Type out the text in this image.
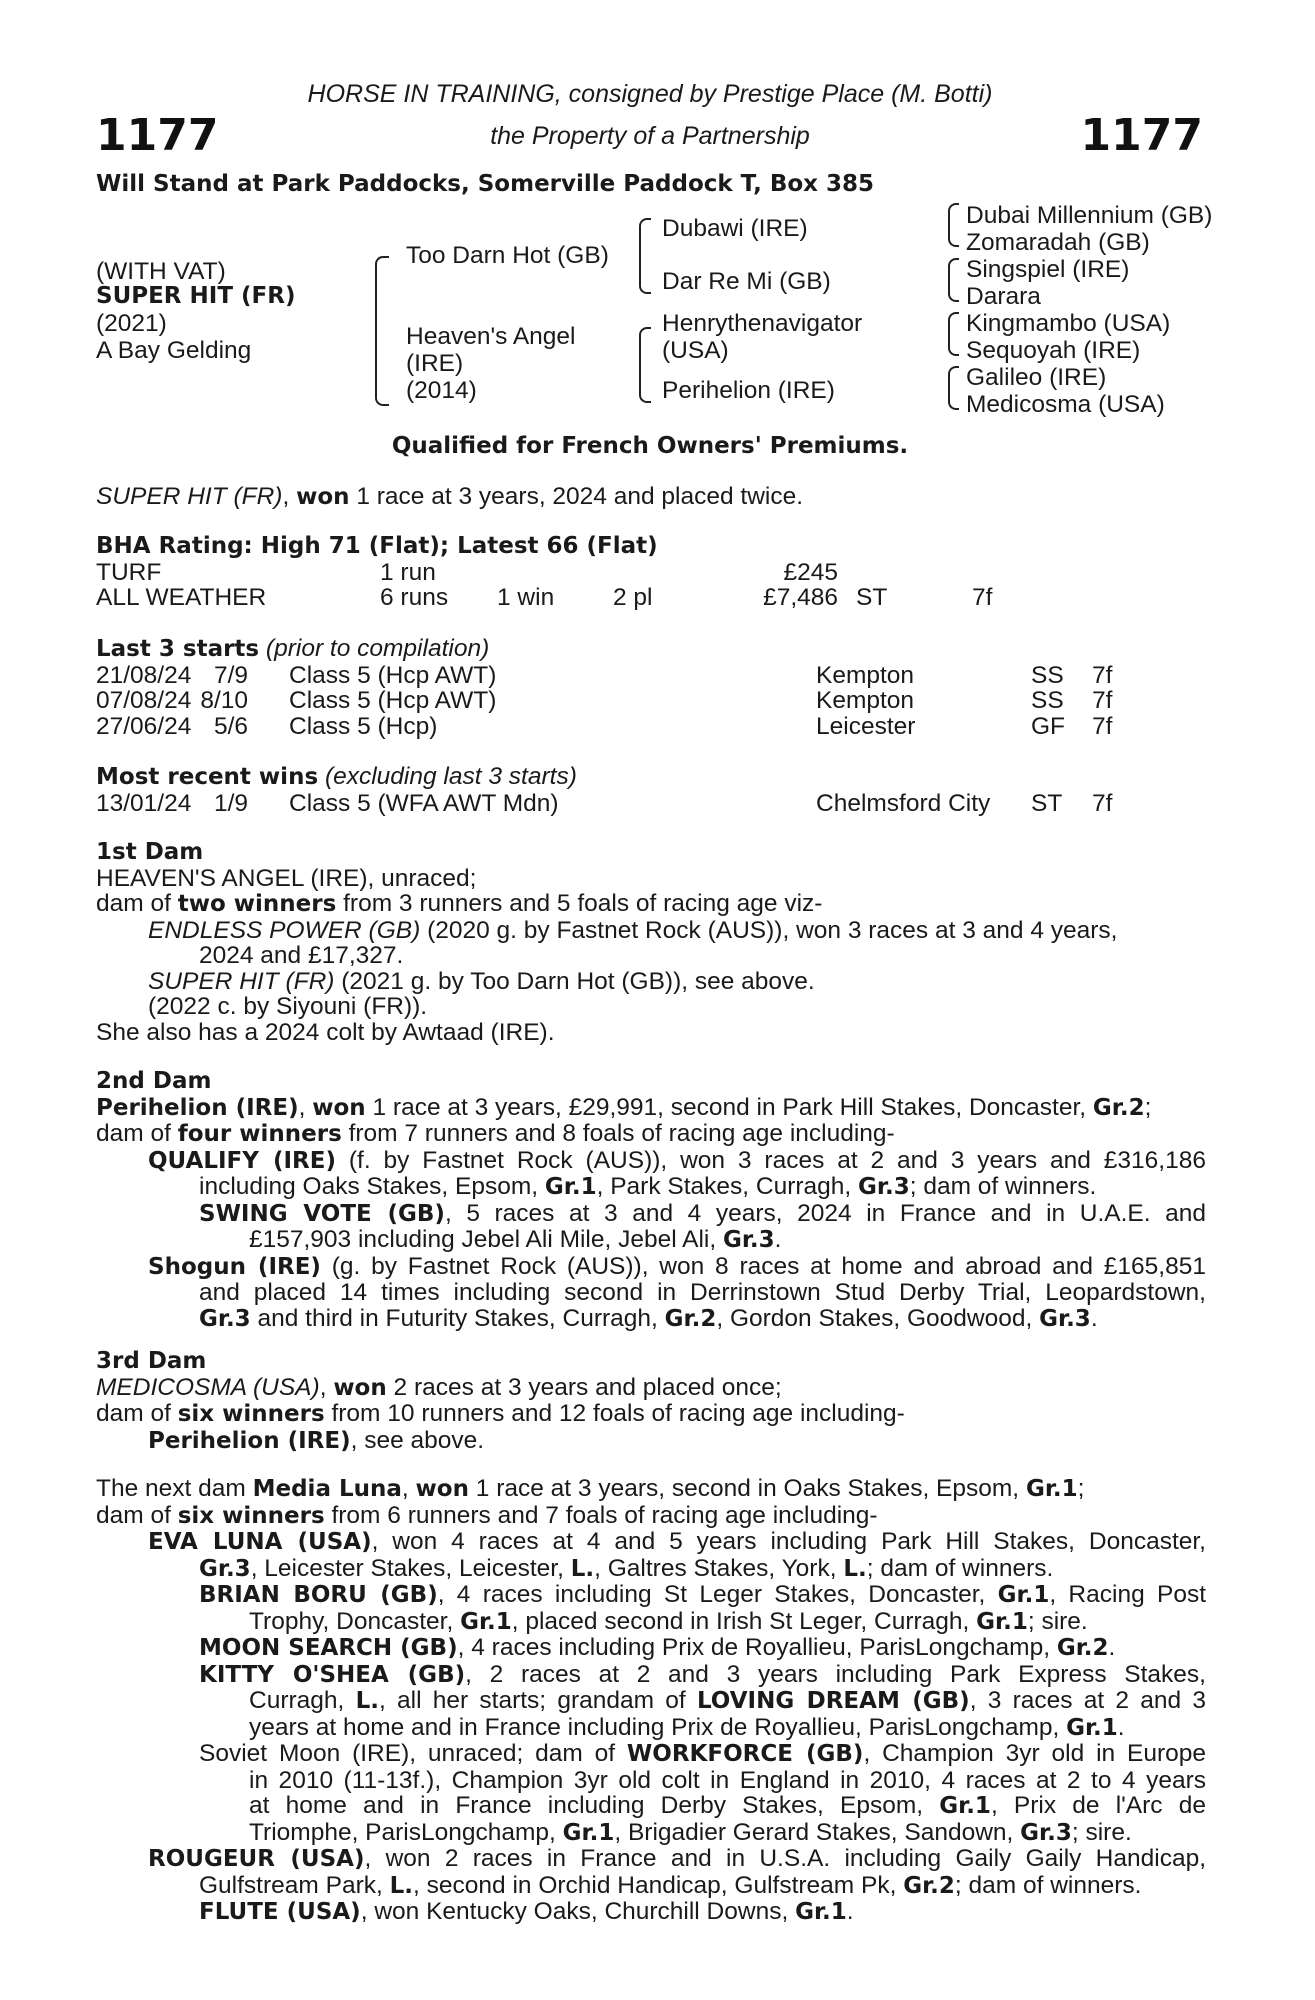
1177	1177
HORSE IN TRAINING, consigned by Prestige Place (M. Botti)
the Property of a Partnership
Will Stand at Park Paddocks, Somerville Paddock T, Box 385
(WITH VAT)
SUPER HIT (FR)
(2021)
A Bay Gelding
Too Darn Hot (GB)
Heaven's Angel
(IRE)
(2014)
Dubawi (IRE)
Dar Re Mi (GB)
Henrythenavigator
(USA)
Perihelion (IRE)
Dubai Millennium (GB)
Zomaradah (GB)
Singspiel (IRE)
Darara
Kingmambo (USA)
Sequoyah (IRE)
Galileo (IRE)
Medicosma (USA)
Qualified for French Owners' Premiums.
SUPER HIT (FR), won 1 race at 3 years, 2024 and placed twice.
BHA Rating: High 71 (Flat); Latest 66 (Flat)
TURF	1 run	£245
ALL WEATHER	6 runs 1 win 2 pl	£7,486 ST	7f
Last 3 starts (prior to compilation)
21/08/24 7/9 Class 5 (Hcp AWT)	Kempton	SS 7f
07/08/24 8/10 Class 5 (Hcp AWT)	Kempton	SS 7f
27/06/24 5/6 Class 5 (Hcp)	Leicester	GF 7f
Most recent wins (excluding last 3 starts)
13/01/24 1/9 Class 5 (WFA AWT Mdn)	Chelmsford City ST 7f
1st Dam
HEAVEN'S ANGEL (IRE), unraced;
dam of two winners from 3 runners and 5 foals of racing age viz-
ENDLESS POWER (GB) (2020 g. by Fastnet Rock (AUS)), won 3 races at 3 and 4 years,
2024 and £17,327.
SUPER HIT (FR) (2021 g. by Too Darn Hot (GB)), see above.
(2022 c. by Siyouni (FR)).
She also has a 2024 colt by Awtaad (IRE).
2nd Dam
Perihelion (IRE), won 1 race at 3 years, £29,991, second in Park Hill Stakes, Doncaster, Gr.2;
dam of four winners from 7 runners and 8 foals of racing age including-
QUALIFY (IRE) (f. by Fastnet Rock (AUS)), won 3 races at 2 and 3 years and £316,186
including Oaks Stakes, Epsom, Gr.1, Park Stakes, Curragh, Gr.3; dam of winners.
SWING VOTE (GB), 5 races at 3 and 4 years, 2024 in France and in U.A.E. and
£157,903 including Jebel Ali Mile, Jebel Ali, Gr.3.
Shogun (IRE) (g. by Fastnet Rock (AUS)), won 8 races at home and abroad and £165,851
and placed 14 times including second in Derrinstown Stud Derby Trial, Leopardstown,
Gr.3 and third in Futurity Stakes, Curragh, Gr.2, Gordon Stakes, Goodwood, Gr.3.
3rd Dam
MEDICOSMA (USA), won 2 races at 3 years and placed once;
dam of six winners from 10 runners and 12 foals of racing age including-
Perihelion (IRE), see above.
The next dam Media Luna, won 1 race at 3 years, second in Oaks Stakes, Epsom, Gr.1;
dam of six winners from 6 runners and 7 foals of racing age including-
EVA LUNA (USA), won 4 races at 4 and 5 years including Park Hill Stakes, Doncaster,
Gr.3, Leicester Stakes, Leicester, L., Galtres Stakes, York, L.; dam of winners.
BRIAN BORU (GB), 4 races including St Leger Stakes, Doncaster, Gr.1, Racing Post
Trophy, Doncaster, Gr.1, placed second in Irish St Leger, Curragh, Gr.1; sire.
MOON SEARCH (GB), 4 races including Prix de Royallieu, ParisLongchamp, Gr.2.
KITTY O'SHEA (GB), 2 races at 2 and 3 years including Park Express Stakes,
Curragh, L., all her starts; grandam of LOVING DREAM (GB), 3 races at 2 and 3
years at home and in France including Prix de Royallieu, ParisLongchamp, Gr.1.
Soviet Moon (IRE), unraced; dam of WORKFORCE (GB), Champion 3yr old in Europe
in 2010 (11-13f.), Champion 3yr old colt in England in 2010, 4 races at 2 to 4 years
at home and in France including Derby Stakes, Epsom, Gr.1, Prix de l'Arc de
Triomphe, ParisLongchamp, Gr.1, Brigadier Gerard Stakes, Sandown, Gr.3; sire.
ROUGEUR (USA), won 2 races in France and in U.S.A. including Gaily Gaily Handicap,
Gulfstream Park, L., second in Orchid Handicap, Gulfstream Pk, Gr.2; dam of winners.
FLUTE (USA), won Kentucky Oaks, Churchill Downs, Gr.1.
